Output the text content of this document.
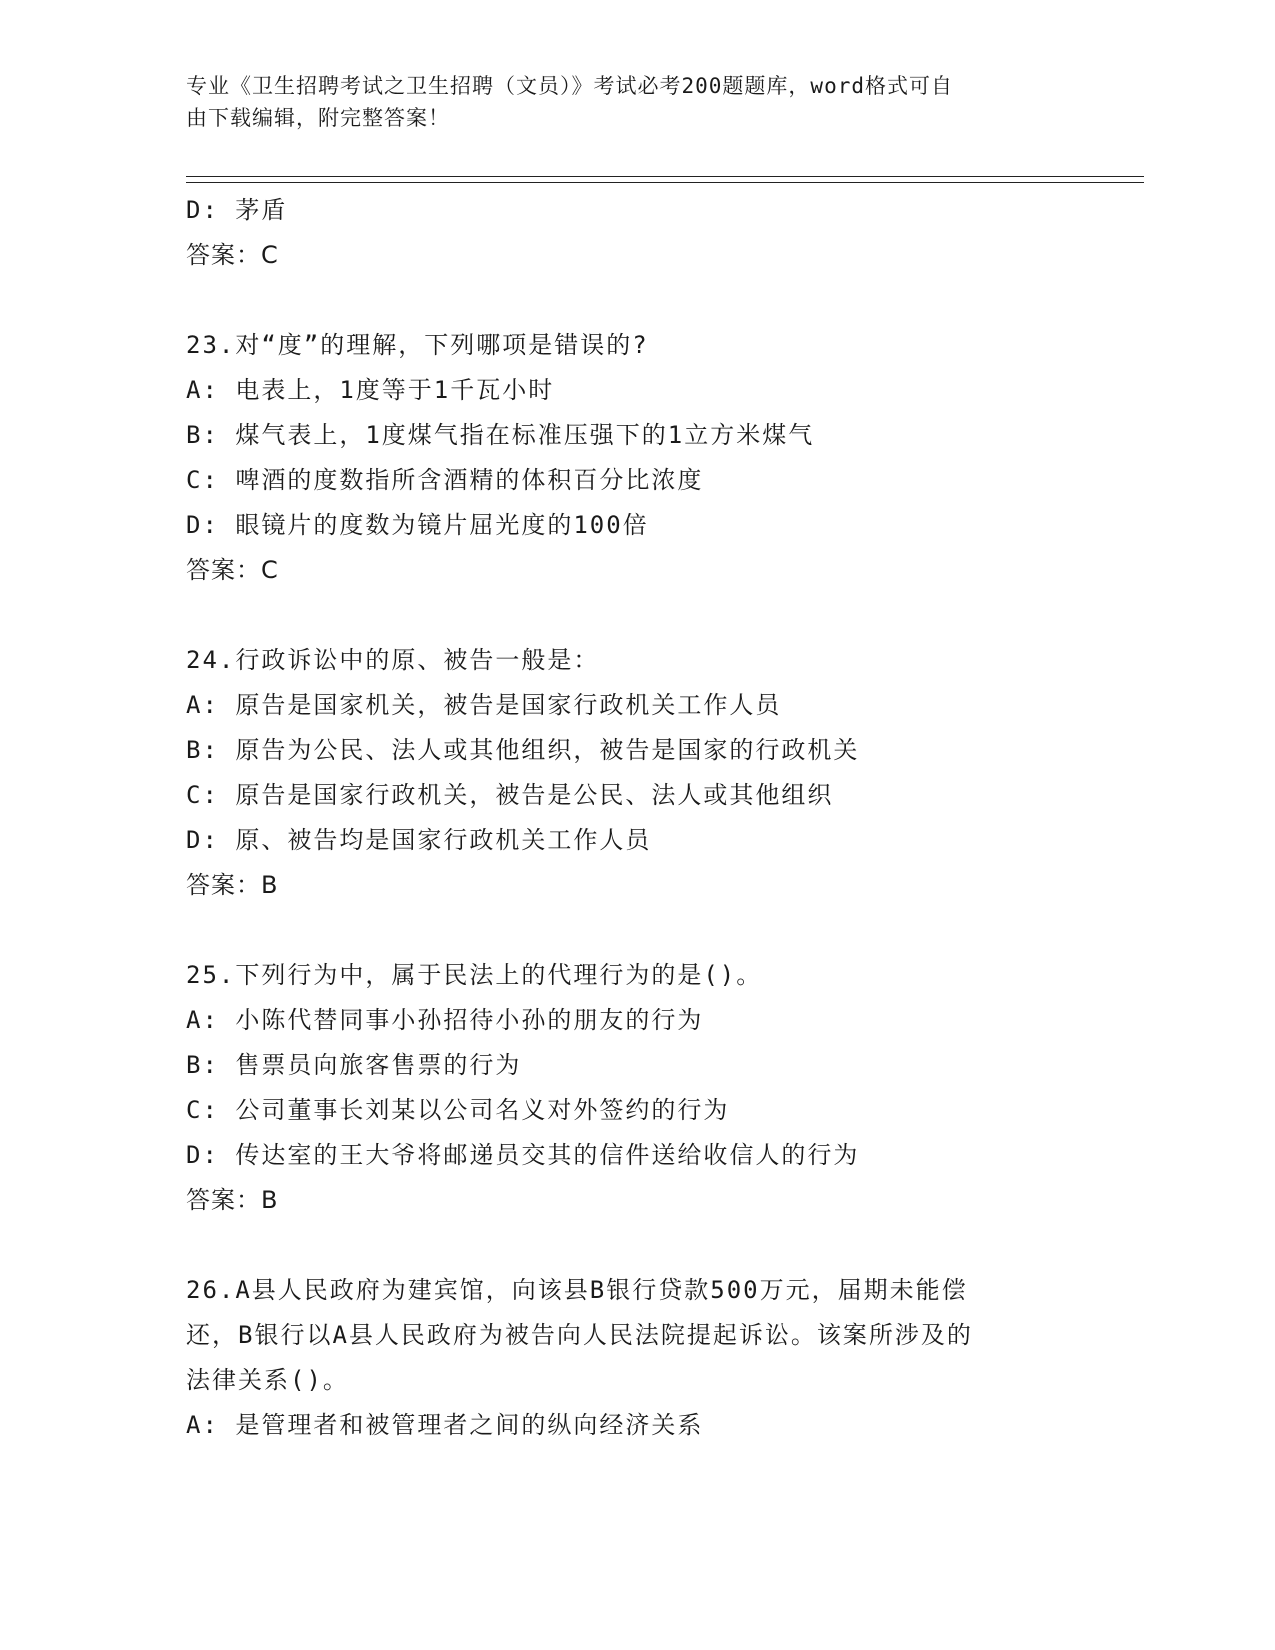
专业《卫生招聘考试之卫生招聘（文员）》考试必考200题题库，word格式可自
由下载编辑，附完整答案！
D: 茅盾
答案：C
23.对“度”的理解，下列哪项是错误的?
A: 电表上，1度等于1千瓦小时
B: 煤气表上，1度煤气指在标准压强下的1立方米煤气
C: 啤酒的度数指所含酒精的体积百分比浓度
D: 眼镜片的度数为镜片屈光度的100倍
答案：C
24.行政诉讼中的原、被告一般是：
A: 原告是国家机关，被告是国家行政机关工作人员
B: 原告为公民、法人或其他组织，被告是国家的行政机关
C: 原告是国家行政机关，被告是公民、法人或其他组织
D: 原、被告均是国家行政机关工作人员
答案：B
25.下列行为中，属于民法上的代理行为的是()。
A: 小陈代替同事小孙招待小孙的朋友的行为
B: 售票员向旅客售票的行为
C: 公司董事长刘某以公司名义对外签约的行为
D: 传达室的王大爷将邮递员交其的信件送给收信人的行为
答案：B
26.A县人民政府为建宾馆，向该县B银行贷款500万元，届期未能偿
还，B银行以A县人民政府为被告向人民法院提起诉讼。该案所涉及的
法律关系()。
A: 是管理者和被管理者之间的纵向经济关系
